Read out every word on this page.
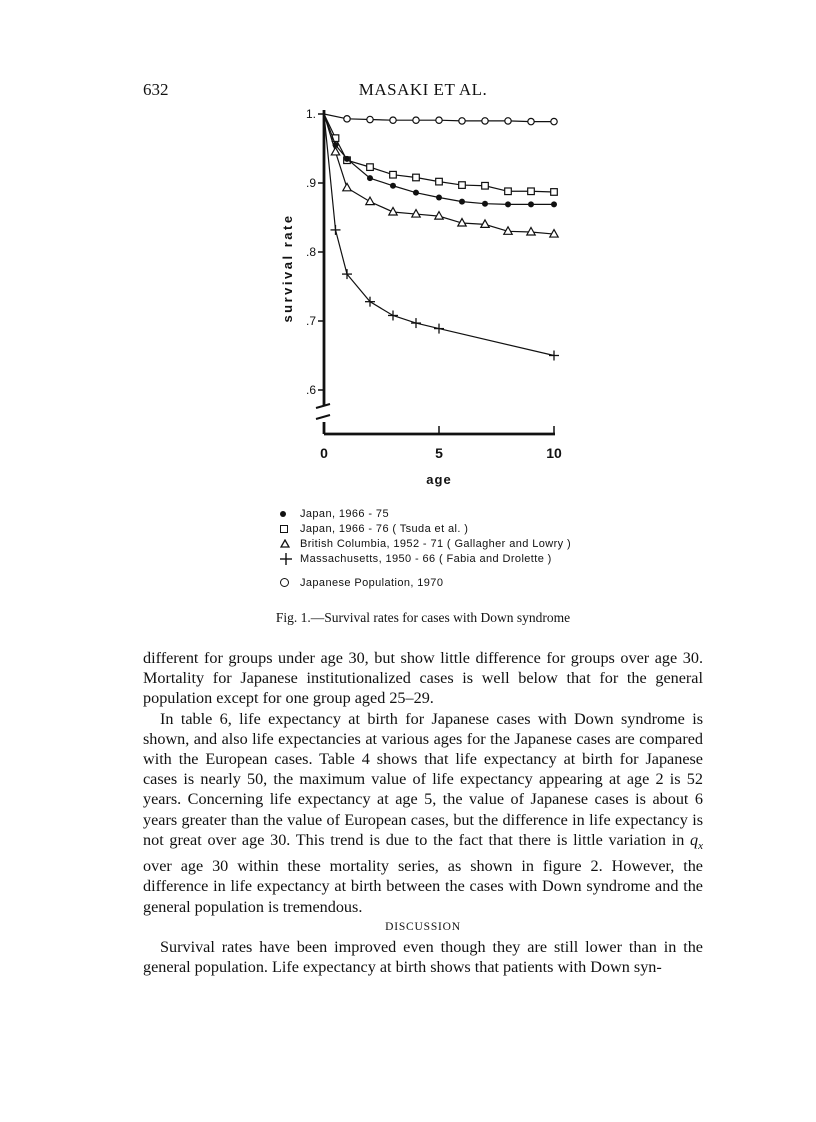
632	MASAKI ET AL.
1.
.9
.8
.7
.6
0	5	10
age
survival rate
Japan, 1966 - 75
Japan, 1966 - 76 ( Tsuda et al. )
British Columbia, 1952 - 71 ( Gallagher and Lowry )
Massachusetts, 1950 - 66 ( Fabia and Drolette )
Japanese Population, 1970
Fig. 1.—Survival rates for cases with Down syndrome

different for groups under age 30, but show little difference for groups over age 30. Mortality for Japanese institutionalized cases is well below that for the general population except for one group aged 25–29.

In table 6, life expectancy at birth for Japanese cases with Down syndrome is shown, and also life expectancies at various ages for the Japanese cases are compared with the European cases. Table 4 shows that life expectancy at birth for Japanese cases is nearly 50, the maximum value of life expectancy appearing at age 2 is 52 years. Concerning life expectancy at age 5, the value of Japanese cases is about 6 years greater than the value of European cases, but the difference in life expectancy is not great over age 30. This trend is due to the fact that there is little variation in $q_x$ over age 30 within these mortality series, as shown in figure 2. However, the difference in life expectancy at birth between the cases with Down syndrome and the general population is tremendous.

DISCUSSION

Survival rates have been improved even though they are still lower than in the general population. Life expectancy at birth shows that patients with Down syn-
